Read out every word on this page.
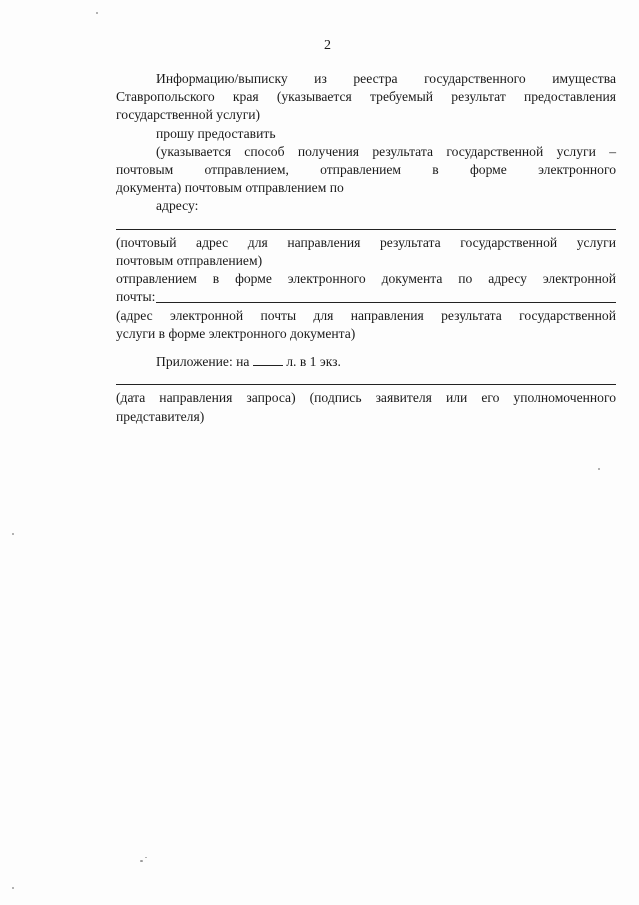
2
Информацию/выписку из реестра государственного имущества
Ставропольского края (указывается требуемый результат предоставления
государственной услуги)
прошу предоставить
(указывается способ получения результата государственной услуги –
почтовым отправлением, отправлением в форме электронного
документа) почтовым отправлением по
адресу:
(почтовый адрес для направления результата государственной услуги
почтовым отправлением)
отправлением в форме электронного документа по адресу электронной
почты:
(адрес электронной почты для направления результата государственной
услуги в форме электронного документа)
Приложение: на	л. в 1 экз.
(дата направления запроса) (подпись заявителя или его уполномоченного
представителя)
